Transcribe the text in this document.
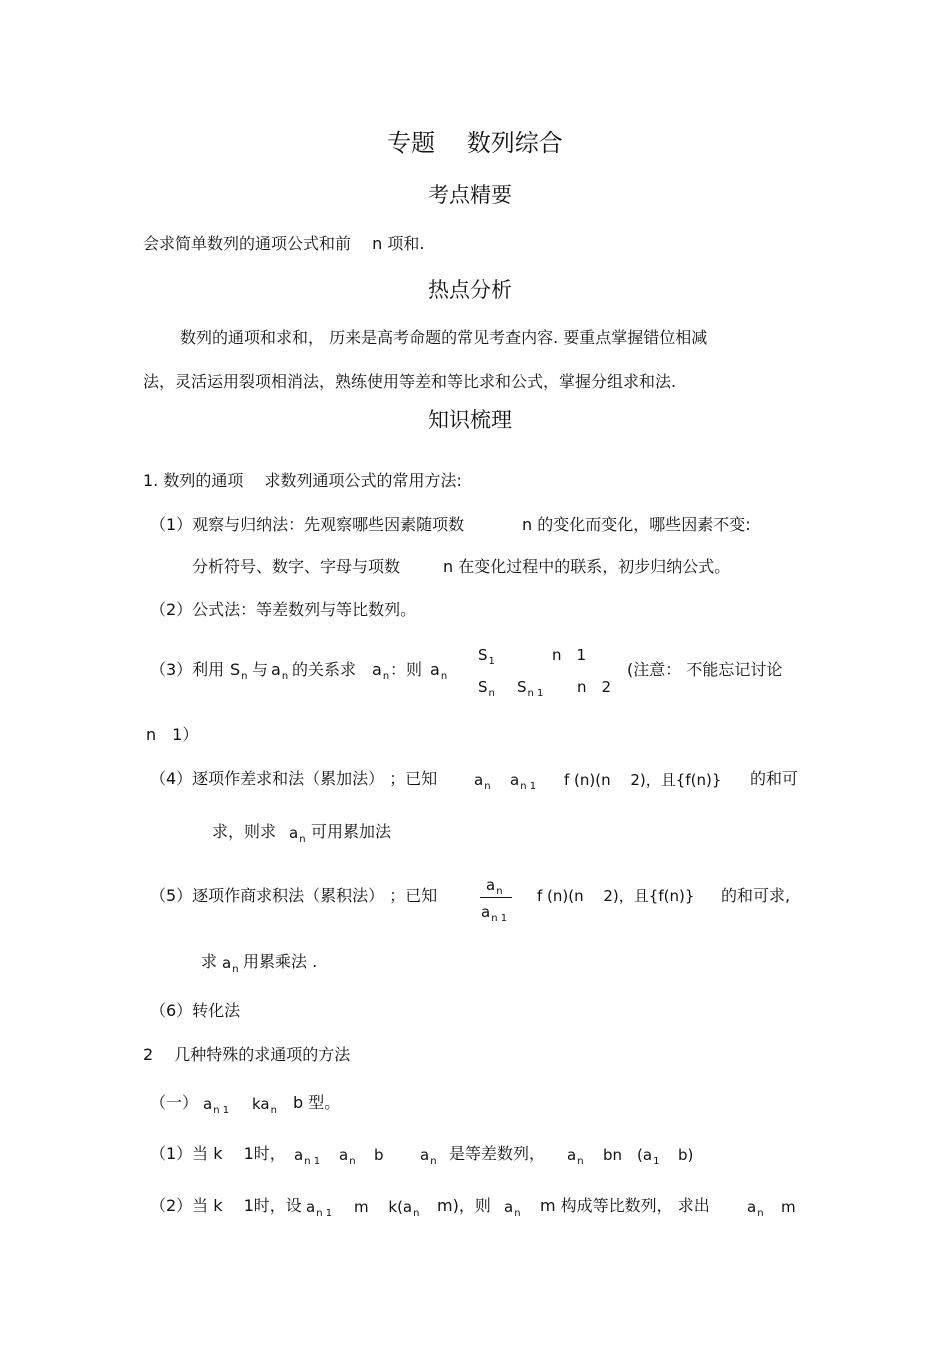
专题　 数列综合
考点精要
会求简单数列的通项公式和前　 n 项和.
热点分析
数列的通项和求和， 历来是高考命题的常见考查内容. 要重点掌握错位相减
法，灵活运用裂项相消法，熟练使用等差和等比求和公式，掌握分组求和法.
知识梳理
1. 数列的通项　 求数列通项公式的常用方法:
（1）观察与归纳法：先观察哪些因素随项数	n 的变化而变化，哪些因素不变:
分析符号、数字、字母与项数	n 在变化过程中的联系，初步归纳公式。
（2）公式法：等差数列与等比数列。
（3）利用 $S_n$ 与 $a_n$ 的关系求 $a_n$ ：则 $a_n$
$S_1$	n　1
$S_n$ $S_{n 1}$ n　2
(注意： 不能忘记讨论
n　1）
（4）逐项作差求和法（累加法） ；已知 $a_n$ $a_{n 1}$ f (n)(n　 2)，且{f(n)} 的和可
求，则求 $a_n$ 可用累加法
（5）逐项作商求积法（累积法） ；已知
$a_n$
$a_{n 1}$
f (n)(n　 2)，且{f(n)} 的和可求,
求 $a_n$ 用累乘法 .
（6）转化法
2　 几种特殊的求通项的方法
（一） $a_{n 1}$ $ka_n$ b 型。
（1）当 k　 1时， $a_{n 1}$ $a_n$ b $a_n$ 是等差数列， $a_n$ bn　($a_1$ b)
（2）当 k　 1时，设 $a_{n 1}$ m　 $k(a_n$ m)，则 $a_n$ m 构成等比数列， 求出 $a_n$ m
